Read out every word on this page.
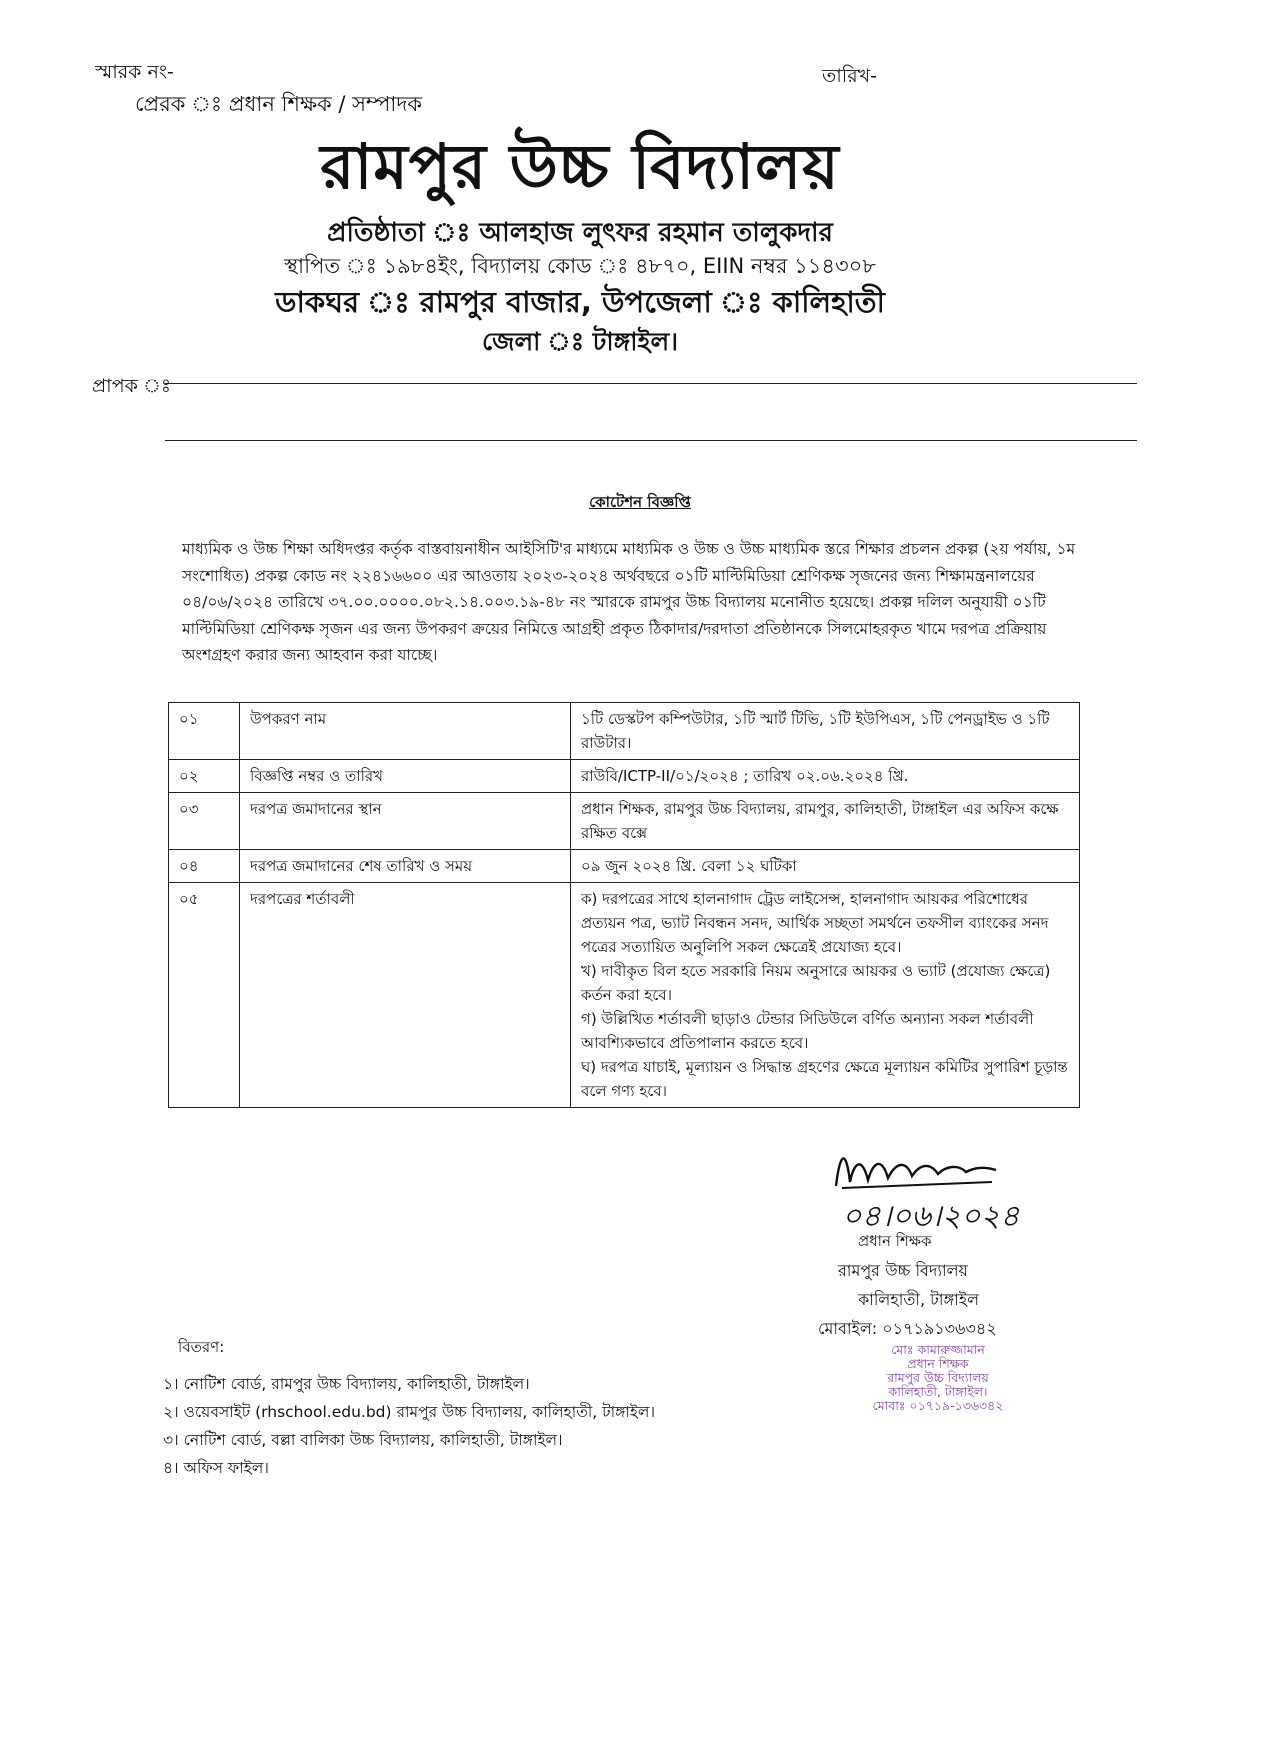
স্মারক নং-	তারিখ-
প্রেরক ঃ প্রধান শিক্ষক / সম্পাদক
রামপুর উচ্চ বিদ্যালয়
প্রতিষ্ঠাতা ঃ আলহাজ লুৎফর রহমান তালুকদার
স্থাপিত ঃ ১৯৮৪ইং, বিদ্যালয় কোড ঃ ৪৮৭০, EIIN নম্বর ১১৪৩০৮
ডাকঘর ঃ রামপুর বাজার, উপজেলা ঃ কালিহাতী
জেলা ঃ টাঙ্গাইল।
প্রাপক ঃ
কোটেশন বিজ্ঞপ্তি
মাধ্যমিক ও উচ্চ শিক্ষা অধিদপ্তর কর্তৃক বাস্তবায়নাধীন আইসিটি'র মাধ্যমে মাধ্যমিক ও উচ্চ ও উচ্চ মাধ্যমিক স্তরে শিক্ষার প্রচলন প্রকল্প (২য় পর্যায়, ১ম সংশোধিত) প্রকল্প কোড নং ২২৪১৬৬০০ এর আওতায় ২০২৩-২০২৪ অর্থবছরে ০১টি মাল্টিমিডিয়া শ্রেণিকক্ষ সৃজনের জন্য শিক্ষামন্ত্রনালয়ের ০৪/০৬/২০২৪ তারিখে ৩৭.০০.০০০০.০৮২.১৪.০০৩.১৯-৪৮ নং স্মারকে রামপুর উচ্চ বিদ্যালয় মনোনীত হয়েছে। প্রকল্প দলিল অনুযায়ী ০১টি মাল্টিমিডিয়া শ্রেণিকক্ষ সৃজন এর জন্য উপকরণ ক্রয়ের নিমিত্তে আগ্রহী প্রকৃত ঠিকাদার/দরদাতা প্রতিষ্ঠানকে সিলমোহরকৃত খামে দরপত্র প্রক্রিয়ায় অংশগ্রহণ করার জন্য আহবান করা যাচ্ছে।
০১	উপকরণ নাম	১টি ডেস্কটপ কম্পিউটার, ১টি স্মার্ট টিভি, ১টি ইউপিএস, ১টি পেনড্রাইভ ও ১টি রাউটার।
০২	বিজ্ঞপ্তি নম্বর ও তারিখ	রাউবি/ICTP-II/০১/২০২৪ ; তারিখ ০২.০৬.২০২৪ খ্রি.
০৩	দরপত্র জমাদানের স্থান	প্রধান শিক্ষক, রামপুর উচ্চ বিদ্যালয়, রামপুর, কালিহাতী, টাঙ্গাইল এর অফিস কক্ষে রক্ষিত বক্সে
০৪	দরপত্র জমাদানের শেষ তারিখ ও সময়	০৯ জুন ২০২৪ খ্রি. বেলা ১২ ঘটিকা
০৫	দরপত্রের শর্তাবলী	ক) দরপত্রের সাথে হালনাগাদ ট্রেড লাইসেন্স, হালনাগাদ আয়কর পরিশোধের প্রত্যয়ন পত্র, ভ্যাট নিবন্ধন সনদ, আর্থিক সচ্ছতা সমর্থনে তফসীল ব্যাংকের সনদ পত্রের সত্যায়িত অনুলিপি সকল ক্ষেত্রেই প্রযোজ্য হবে।
খ) দাবীকৃত বিল হতে সরকারি নিয়ম অনুসারে আয়কর ও ভ্যাট (প্রযোজ্য ক্ষেত্রে) কর্তন করা হবে।
গ) উল্লিখিত শর্তাবলী ছাড়াও টেন্ডার সিডিউলে বর্ণিত অন্যান্য সকল শর্তাবলী আবশ্যিকভাবে প্রতিপালান করতে হবে।
ঘ) দরপত্র যাচাই, মূল্যায়ন ও সিদ্ধান্ত গ্রহণের ক্ষেত্রে মূল্যায়ন কমিটির সুপারিশ চূড়ান্ত বলে গণ্য হবে।
০৪।০৬।২০২৪
প্রধান শিক্ষক
রামপুর উচ্চ বিদ্যালয়
কালিহাতী, টাঙ্গাইল
মোবাইল: ০১৭১৯১৩৬৩৪২
মোঃ কামারুজ্জামান
প্রধান শিক্ষক
রামপুর উচ্চ বিদ্যালয়
কালিহাতী, টাঙ্গাইল।
মোবাঃ ০১৭১৯-১৩৬৩৪২
বিতরণ:
১। নোটিশ বোর্ড, রামপুর উচ্চ বিদ্যালয়, কালিহাতী, টাঙ্গাইল।
২। ওয়েবসাইট (rhschool.edu.bd) রামপুর উচ্চ বিদ্যালয়, কালিহাতী, টাঙ্গাইল।
৩। নোটিশ বোর্ড, বল্লা বালিকা উচ্চ বিদ্যালয়, কালিহাতী, টাঙ্গাইল।
৪। অফিস ফাইল।
